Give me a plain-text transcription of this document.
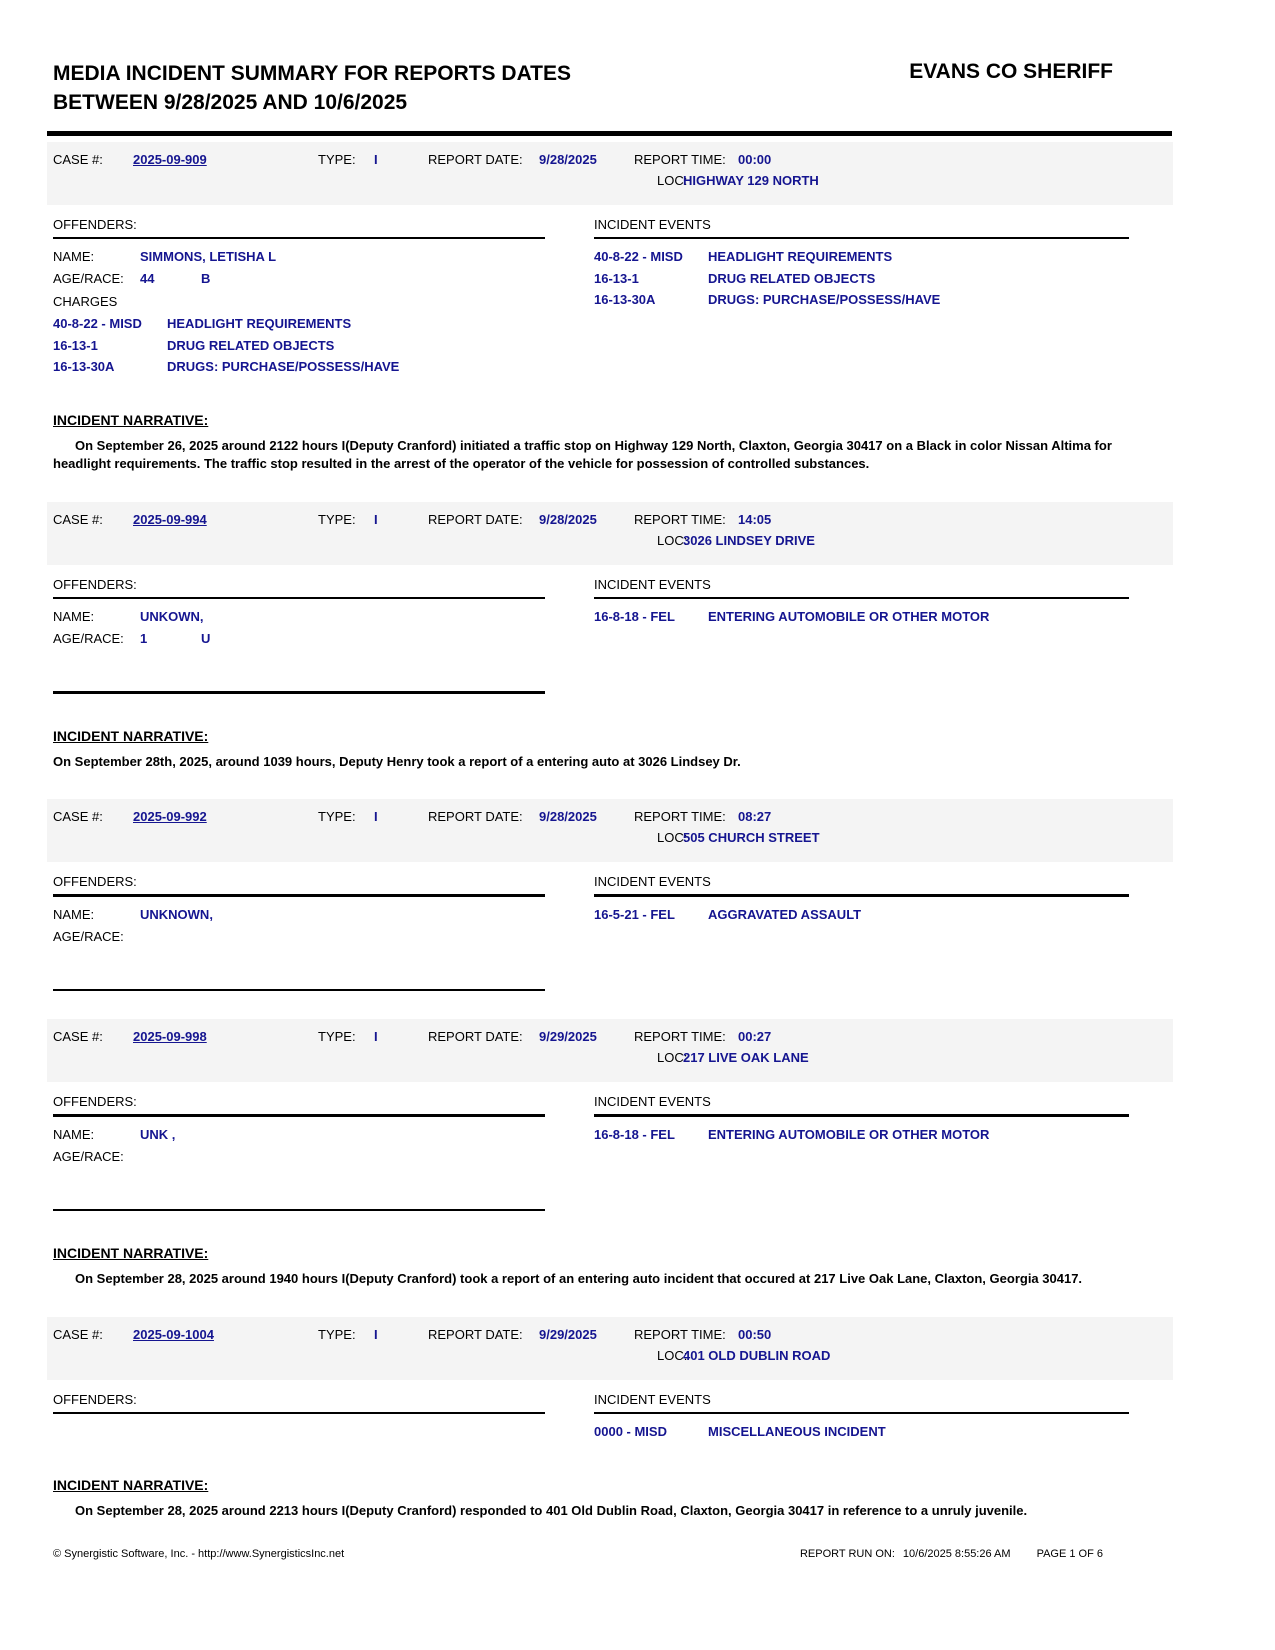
MEDIA INCIDENT SUMMARY FOR REPORTS DATES
BETWEEN 9/28/2025 AND 10/6/2025
EVANS CO SHERIFF
CASE #: 2025-09-909	TYPE: I	REPORT DATE: 9/28/2025	REPORT TIME: 00:00
LOC:
HIGHWAY 129 NORTH
OFFENDERS:
NAME:	SIMMONS, LETISHA L
AGE/RACE: 44	B
CHARGES
40-8-22 - MISD HEADLIGHT REQUIREMENTS
16-13-1	DRUG RELATED OBJECTS
16-13-30A	DRUGS: PURCHASE/POSSESS/HAVE
INCIDENT EVENTS
40-8-22 - MISD HEADLIGHT REQUIREMENTS
16-13-1	DRUG RELATED OBJECTS
16-13-30A	DRUGS: PURCHASE/POSSESS/HAVE
INCIDENT NARRATIVE:

On September 26, 2025 around 2122 hours I(Deputy Cranford) initiated a traffic stop on Highway 129 North, Claxton, Georgia 30417 on a Black in color Nissan Altima for headlight requirements. The traffic stop resulted in the arrest of the operator of the vehicle for possession of controlled substances.

CASE #: 2025-09-994	TYPE: I	REPORT DATE: 9/28/2025	REPORT TIME: 14:05
LOC:
3026 LINDSEY DRIVE
OFFENDERS:
NAME:	UNKOWN,
AGE/RACE: 1	U
INCIDENT EVENTS
16-8-18 - FEL	ENTERING AUTOMOBILE OR OTHER MOTOR
INCIDENT NARRATIVE:

On September 28th, 2025, around 1039 hours, Deputy Henry took a report of a entering auto at 3026 Lindsey Dr.

CASE #: 2025-09-992	TYPE: I	REPORT DATE: 9/28/2025	REPORT TIME: 08:27
LOC:
505 CHURCH STREET
OFFENDERS:
NAME:	UNKNOWN,
AGE/RACE:
INCIDENT EVENTS
16-5-21 - FEL	AGGRAVATED ASSAULT
CASE #: 2025-09-998	TYPE: I	REPORT DATE: 9/29/2025	REPORT TIME: 00:27
LOC:
217 LIVE OAK LANE
OFFENDERS:
NAME:	UNK ,
AGE/RACE:
INCIDENT EVENTS
16-8-18 - FEL	ENTERING AUTOMOBILE OR OTHER MOTOR
INCIDENT NARRATIVE:

On September 28, 2025 around 1940 hours I(Deputy Cranford) took a report of an entering auto incident that occured at 217 Live Oak Lane, Claxton, Georgia 30417.

CASE #: 2025-09-1004	TYPE: I	REPORT DATE: 9/29/2025	REPORT TIME: 00:50
LOC:
401 OLD DUBLIN ROAD
OFFENDERS:	INCIDENT EVENTS
0000 - MISD	MISCELLANEOUS INCIDENT
INCIDENT NARRATIVE:

On September 28, 2025 around 2213 hours I(Deputy Cranford) responded to 401 Old Dublin Road, Claxton, Georgia 30417 in reference to a unruly juvenile.

© Synergistic Software, Inc. - http://www.SynergisticsInc.net	REPORT RUN ON: 10/6/2025 8:55:26 AM PAGE 1 OF 6
